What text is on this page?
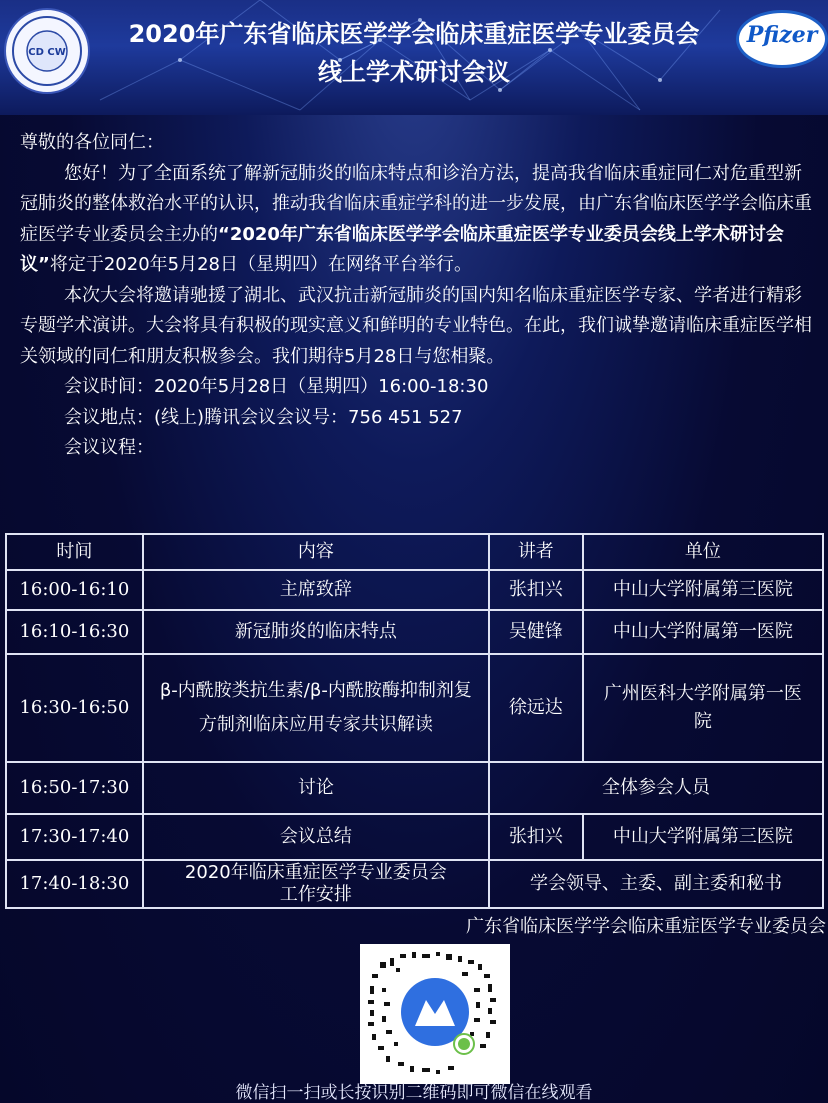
CD CW
2020年广东省临床医学学会临床重症医学专业委员会
线上学术研讨会议
Pfizer

尊敬的各位同仁：

您好！为了全面系统了解新冠肺炎的临床特点和诊治方法，提高我省临床重症同仁对危重型新冠肺炎的整体救治水平的认识，推动我省临床重症学科的进一步发展，由广东省临床医学学会临床重症医学专业委员会主办的“2020年广东省临床医学学会临床重症医学专业委员会线上学术研讨会议”将定于2020年5月28日（星期四）在网络平台举行。

本次大会将邀请驰援了湖北、武汉抗击新冠肺炎的国内知名临床重症医学专家、学者进行精彩专题学术演讲。大会将具有积极的现实意义和鲜明的专业特色。在此，我们诚挚邀请临床重症医学相关领域的同仁和朋友积极参会。我们期待5月28日与您相聚。

会议时间：2020年5月28日（星期四）16:00-18:30

会议地点：(线上)腾讯会议会议号：756 451 527

会议议程：

时间	内容	讲者	单位
16:00-16:10	主席致辞	张扣兴	中山大学附属第三医院
16:10-16:30	新冠肺炎的临床特点	吴健锋	中山大学附属第一医院
16:30-16:50	β-内酰胺类抗生素/β-内酰胺酶抑制剂复方制剂临床应用专家共识解读	徐远达	广州医科大学附属第一医院
16:50-17:30	讨论	全体参会人员	
17:30-17:40	会议总结	张扣兴	中山大学附属第三医院
17:40-18:30	2020年临床重症医学专业委员会工作安排	学会领导、主委、副主委和秘书	
广东省临床医学学会临床重症医学专业委员会
微信扫一扫或长按识别二维码即可微信在线观看
